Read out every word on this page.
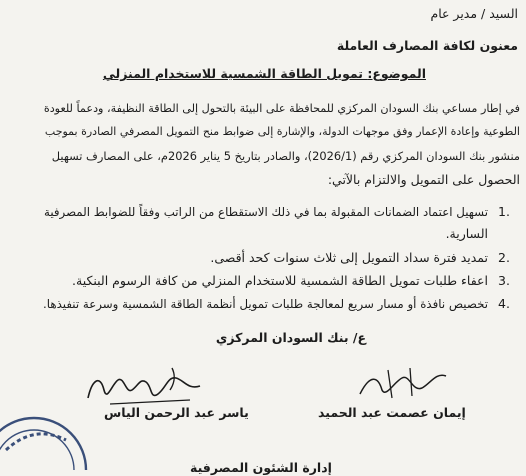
السيد / مدير عام
معنون لكافة المصارف العاملة
الموضوع: تمويل الطاقة الشمسية للاستخدام المنزلي
في إطار مساعي بنك السودان المركزي للمحافظة على البيئة بالتحول إلى الطاقة النظيفة، ودعماً للعودة
الطوعية وإعادة الإعمار وفق موجهات الدولة، والإشارة إلى ضوابط منح التمويل المصرفي الصادرة بموجب
منشور بنك السودان المركزي رقم (2026/1)، والصادر بتاريخ 5 يناير 2026م، على المصارف تسهيل
الحصول على التمويل والالتزام بالآتي:
1.
تسهيل اعتماد الضمانات المقبولة بما في ذلك الاستقطاع من الراتب وفقاً للضوابط المصرفية
السارية.
2.
تمديد فترة سداد التمويل إلى ثلاث سنوات كحد أقصى.
3.
اعفاء طلبات تمويل الطاقة الشمسية للاستخدام المنزلي من كافة الرسوم البنكية.
4.
تخصيص نافذة أو مسار سريع لمعالجة طلبات تمويل أنظمة الطاقة الشمسية وسرعة تنفيذها.
ع/ بنك السودان المركزي
ياسر عبد الرحمن الياس	إيمان عصمت عبد الحميد
إدارة الشئون المصرفية
